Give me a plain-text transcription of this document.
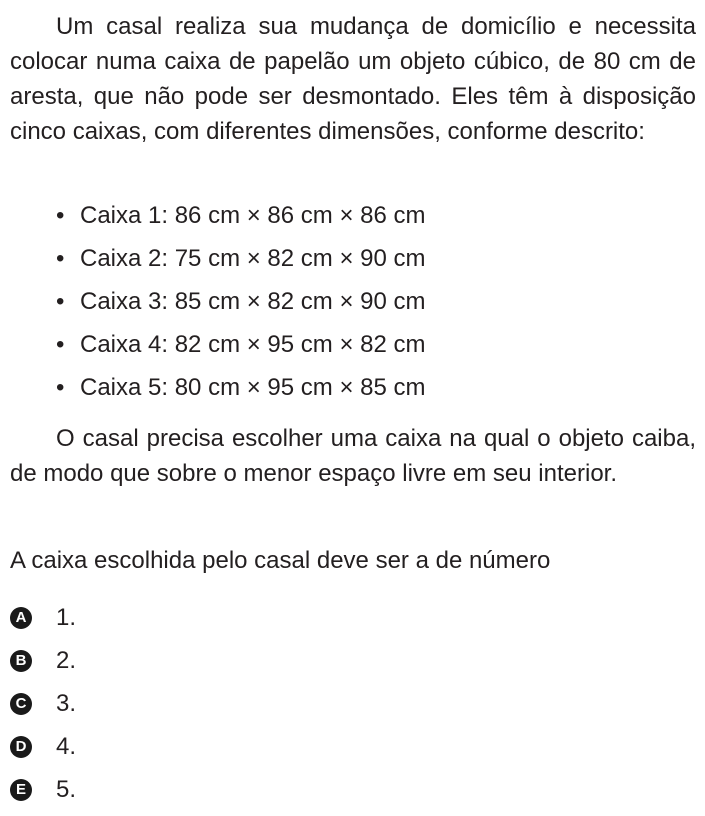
Um casal realiza sua mudança de domicílio e necessita colocar numa caixa de papelão um objeto cúbico, de 80 cm de aresta, que não pode ser desmontado. Eles têm à disposição cinco caixas, com diferentes dimensões, conforme descrito:

• Caixa 1: 86 cm × 86 cm × 86 cm
• Caixa 2: 75 cm × 82 cm × 90 cm
• Caixa 3: 85 cm × 82 cm × 90 cm
• Caixa 4: 82 cm × 95 cm × 82 cm
• Caixa 5: 80 cm × 95 cm × 85 cm

O casal precisa escolher uma caixa na qual o objeto caiba, de modo que sobre o menor espaço livre em seu interior.

A caixa escolhida pelo casal deve ser a de número

A 1.
B 2.
C 3.
D 4.
E 5.
